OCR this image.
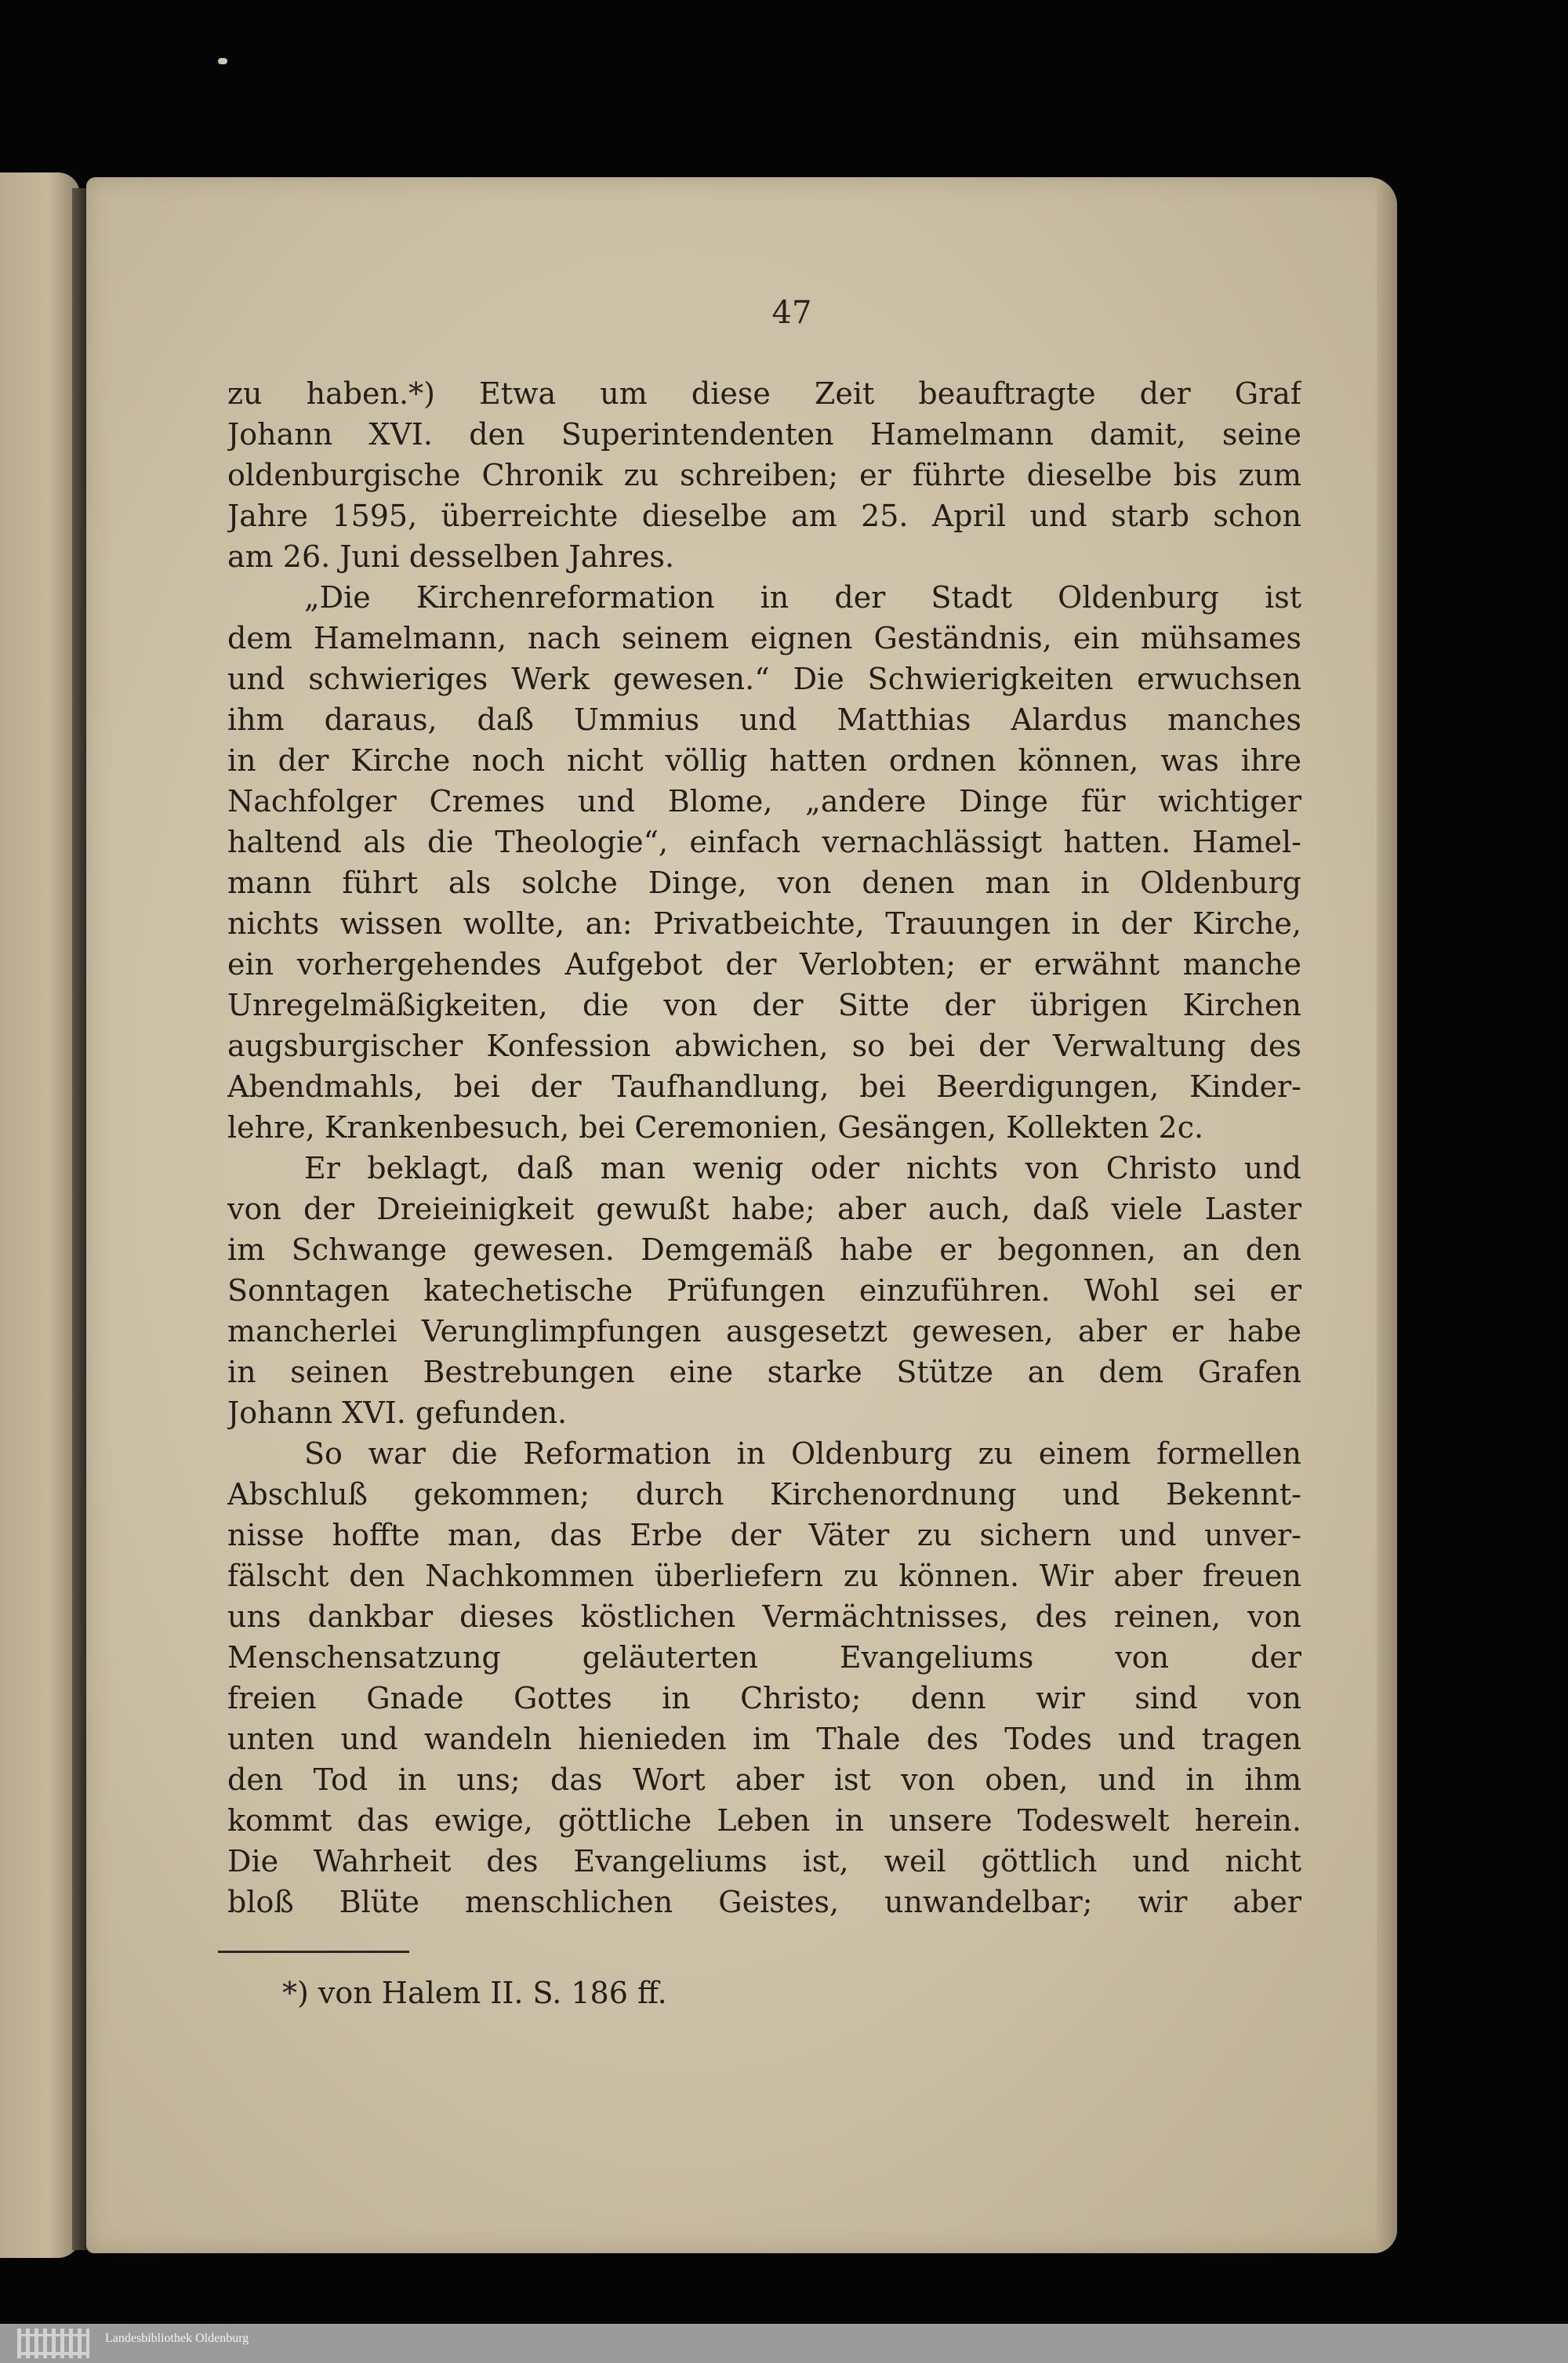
47
zu haben.*) Etwa um diese Zeit beauftragte der Graf
Johann XVI. den Superintendenten Hamelmann damit, seine
oldenburgische Chronik zu schreiben; er führte dieselbe bis zum
Jahre 1595, überreichte dieselbe am 25. April und starb schon
am 26. Juni desselben Jahres.
„Die Kirchenreformation in der Stadt Oldenburg ist
dem Hamelmann, nach seinem eignen Geständnis, ein mühsames
und schwieriges Werk gewesen.“ Die Schwierigkeiten erwuchsen
ihm daraus, daß Ummius und Matthias Alardus manches
in der Kirche noch nicht völlig hatten ordnen können, was ihre
Nachfolger Cremes und Blome, „andere Dinge für wichtiger
haltend als die Theologie“, einfach vernachlässigt hatten. Hamel-
mann führt als solche Dinge, von denen man in Oldenburg
nichts wissen wollte, an: Privatbeichte, Trauungen in der Kirche,
ein vorhergehendes Aufgebot der Verlobten; er erwähnt manche
Unregelmäßigkeiten, die von der Sitte der übrigen Kirchen
augsburgischer Konfession abwichen, so bei der Verwaltung des
Abendmahls, bei der Taufhandlung, bei Beerdigungen, Kinder-
lehre, Krankenbesuch, bei Ceremonien, Gesängen, Kollekten 2c.
Er beklagt, daß man wenig oder nichts von Christo und
von der Dreieinigkeit gewußt habe; aber auch, daß viele Laster
im Schwange gewesen. Demgemäß habe er begonnen, an den
Sonntagen katechetische Prüfungen einzuführen. Wohl sei er
mancherlei Verunglimpfungen ausgesetzt gewesen, aber er habe
in seinen Bestrebungen eine starke Stütze an dem Grafen
Johann XVI. gefunden.
So war die Reformation in Oldenburg zu einem formellen
Abschluß gekommen; durch Kirchenordnung und Bekennt-
nisse hoffte man, das Erbe der Väter zu sichern und unver-
fälscht den Nachkommen überliefern zu können. Wir aber freuen
uns dankbar dieses köstlichen Vermächtnisses, des reinen, von
Menschensatzung geläuterten Evangeliums von der
freien Gnade Gottes in Christo; denn wir sind von
unten und wandeln hienieden im Thale des Todes und tragen
den Tod in uns; das Wort aber ist von oben, und in ihm
kommt das ewige, göttliche Leben in unsere Todeswelt herein.
Die Wahrheit des Evangeliums ist, weil göttlich und nicht
bloß Blüte menschlichen Geistes, unwandelbar; wir aber
*) von Halem II. S. 186 ff.
Landesbibliothek Oldenburg
